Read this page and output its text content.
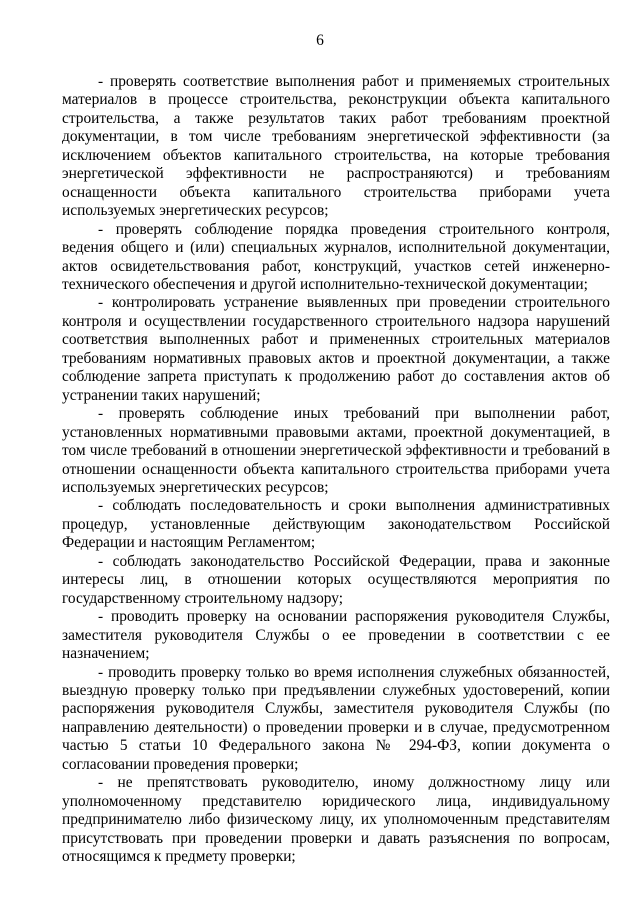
6

- проверять соответствие выполнения работ и применяемых строительных материалов в процессе строительства, реконструкции объекта капитального строительства, а также результатов таких работ требованиям проектной документации, в том числе требованиям энергетической эффективности (за исключением объектов капитального строительства, на которые требования энергетической эффективности не распространяются) и требованиям оснащенности объекта капитального строительства приборами учета используемых энергетических ресурсов;

- проверять соблюдение порядка проведения строительного контроля, ведения общего и (или) специальных журналов, исполнительной документации, актов освидетельствования работ, конструкций, участков сетей инженерно-технического обеспечения и другой исполнительно-технической документации;

- контролировать устранение выявленных при проведении строительного контроля и осуществлении государственного строительного надзора нарушений соответствия выполненных работ и примененных строительных материалов требованиям нормативных правовых актов и проектной документации, а также соблюдение запрета приступать к продолжению работ до составления актов об устранении таких нарушений;

- проверять соблюдение иных требований при выполнении работ, установленных нормативными правовыми актами, проектной документацией, в том числе требований в отношении энергетической эффективности и требований в отношении оснащенности объекта капитального строительства приборами учета используемых энергетических ресурсов;

- соблюдать последовательность и сроки выполнения административных процедур, установленные действующим законодательством Российской Федерации и настоящим Регламентом;

- соблюдать законодательство Российской Федерации, права и законные интересы лиц, в отношении которых осуществляются мероприятия по государственному строительному надзору;

- проводить проверку на основании распоряжения руководителя Службы, заместителя руководителя Службы о ее проведении в соответствии с ее назначением;

- проводить проверку только во время исполнения служебных обязанностей, выездную проверку только при предъявлении служебных удостоверений, копии распоряжения руководителя Службы, заместителя руководителя Службы (по направлению деятельности) о проведении проверки и в случае, предусмотренном частью 5 статьи 10 Федерального закона № 294-ФЗ, копии документа о согласовании проведения проверки;

- не препятствовать руководителю, иному должностному лицу или уполномоченному представителю юридического лица, индивидуальному предпринимателю либо физическому лицу, их уполномоченным представителям присутствовать при проведении проверки и давать разъяснения по вопросам, относящимся к предмету проверки;
